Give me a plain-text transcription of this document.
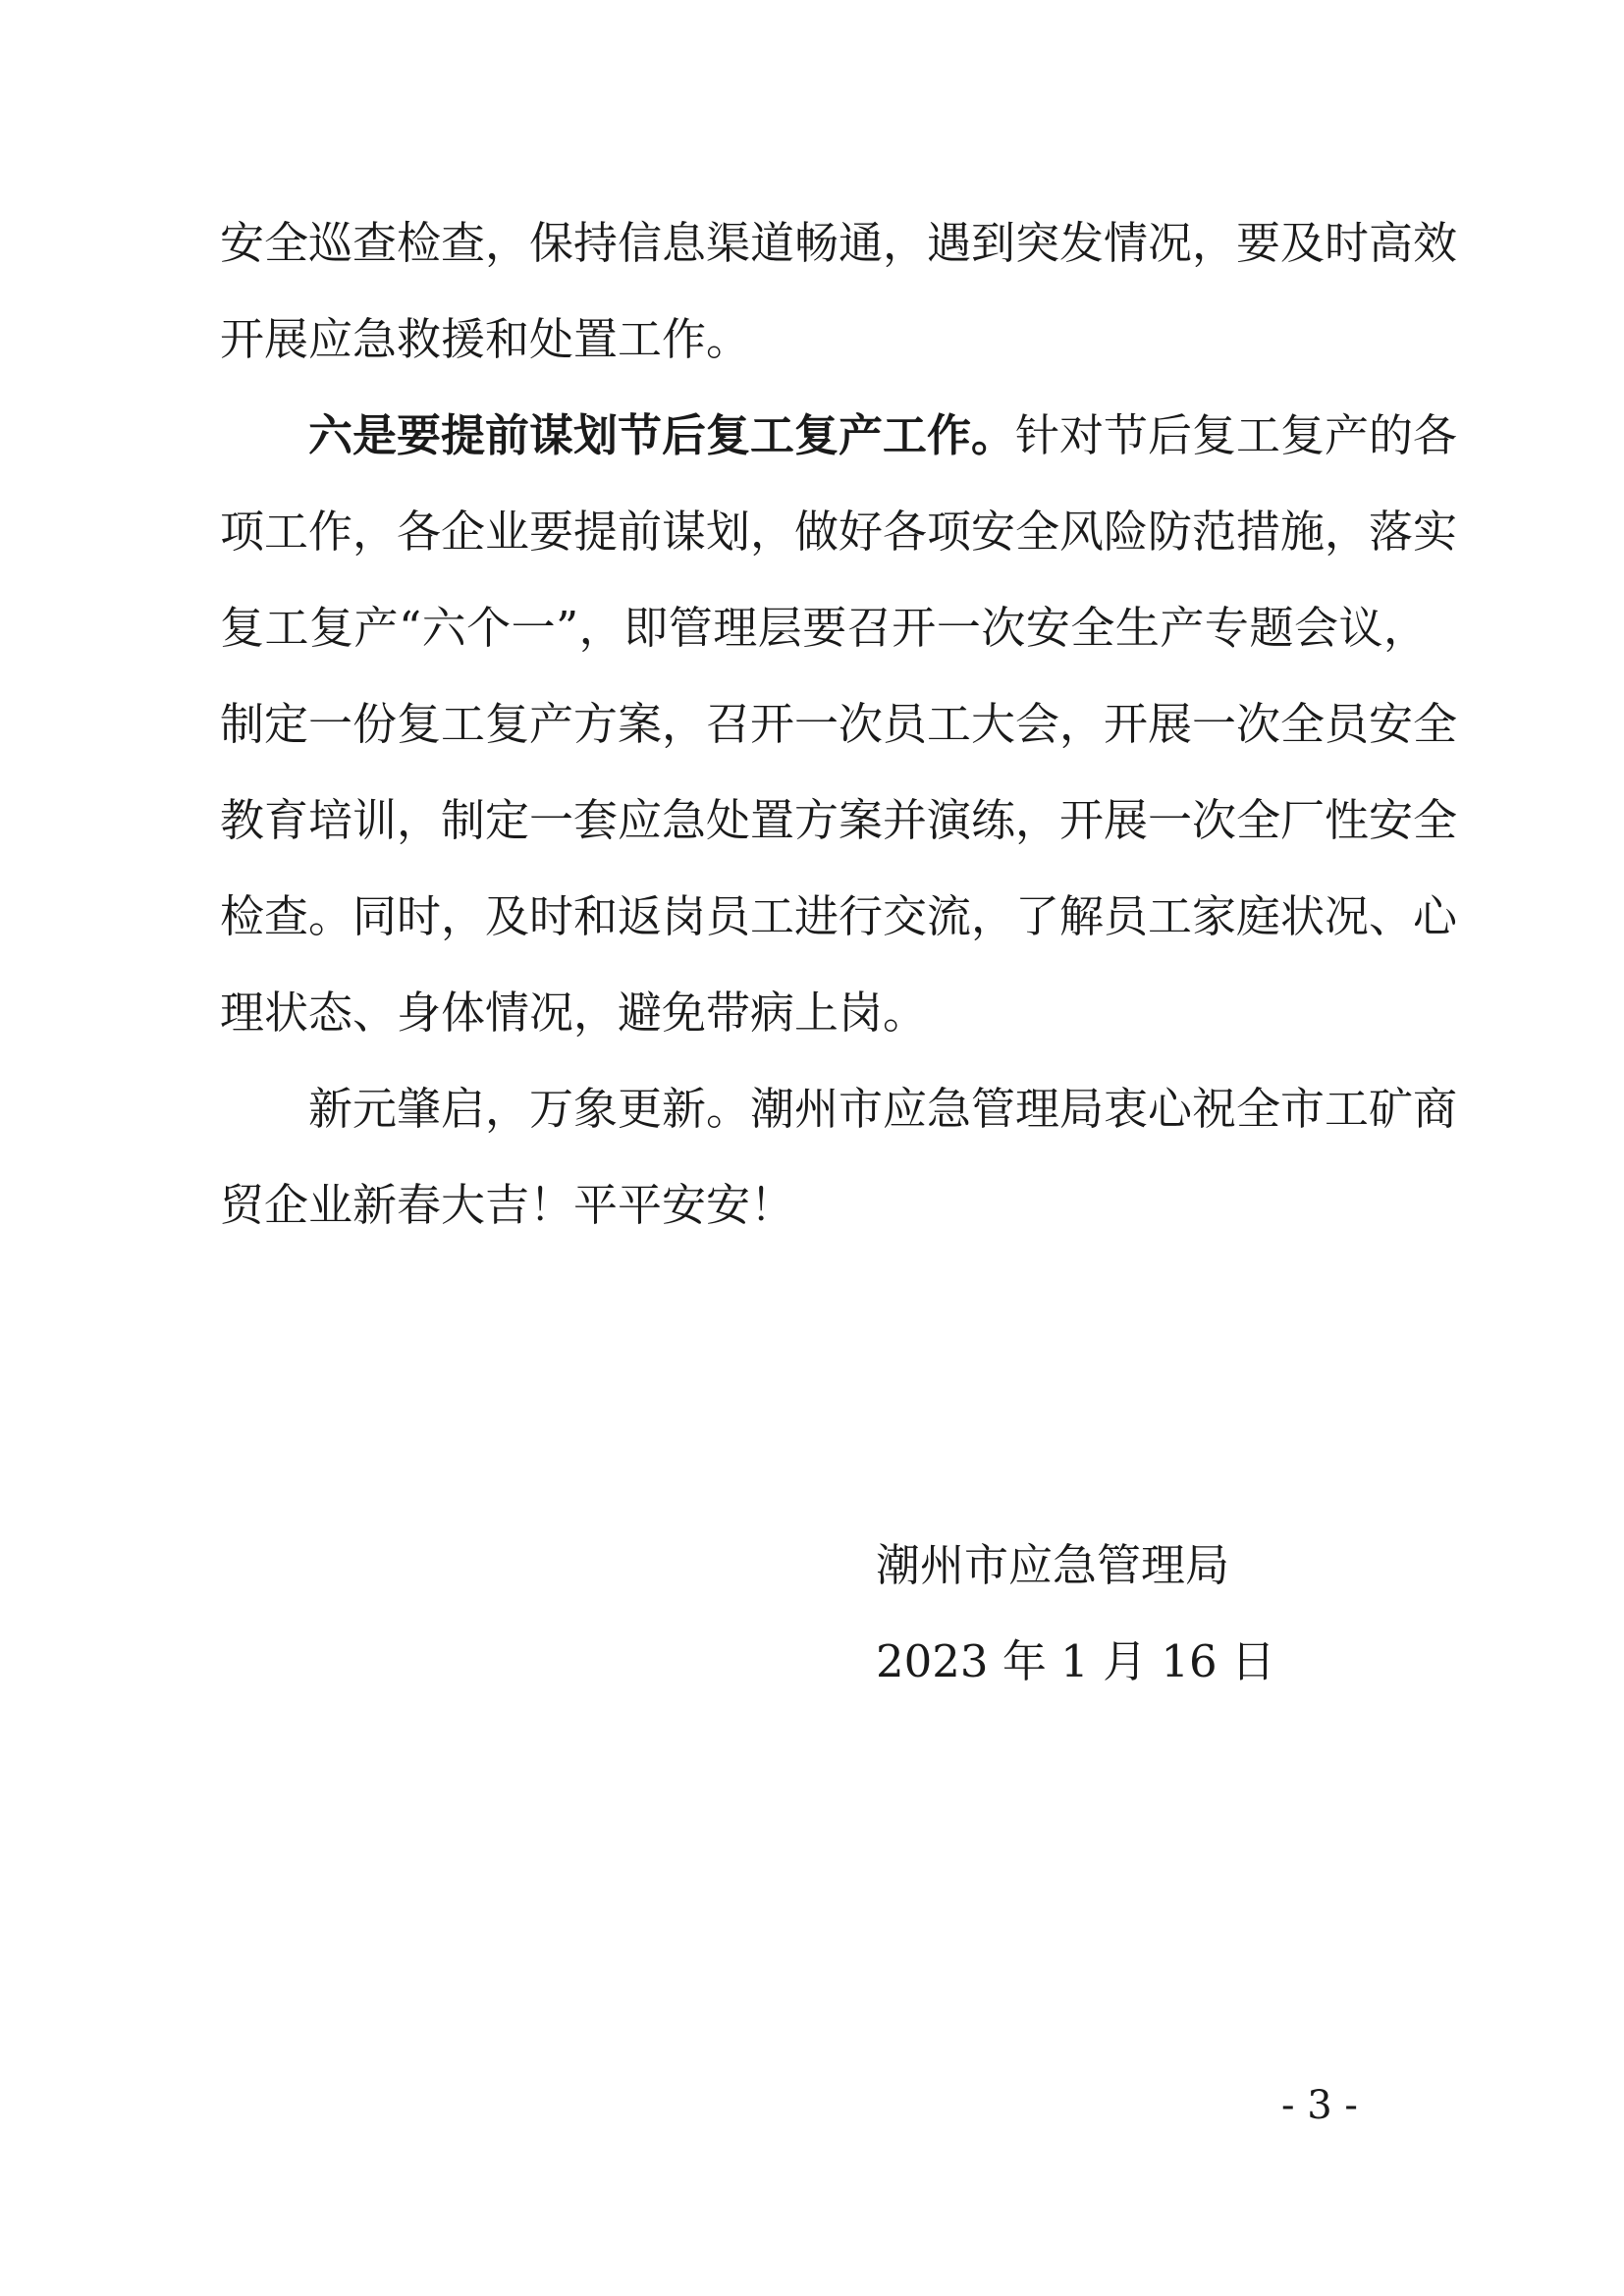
安全巡查检查，保持信息渠道畅通，遇到突发情况，要及时高效
开展应急救援和处置工作。
六是要提前谋划节后复工复产工作。针对节后复工复产的各
项工作，各企业要提前谋划，做好各项安全风险防范措施，落实
复工复产“六个一”，即管理层要召开一次安全生产专题会议，
制定一份复工复产方案，召开一次员工大会，开展一次全员安全
教育培训，制定一套应急处置方案并演练，开展一次全厂性安全
检查。同时，及时和返岗员工进行交流，了解员工家庭状况、心
理状态、身体情况，避免带病上岗。
新元肇启，万象更新。潮州市应急管理局衷心祝全市工矿商
贸企业新春大吉！平平安安！
潮州市应急管理局
2023 年 1 月 16 日
- 3 -
